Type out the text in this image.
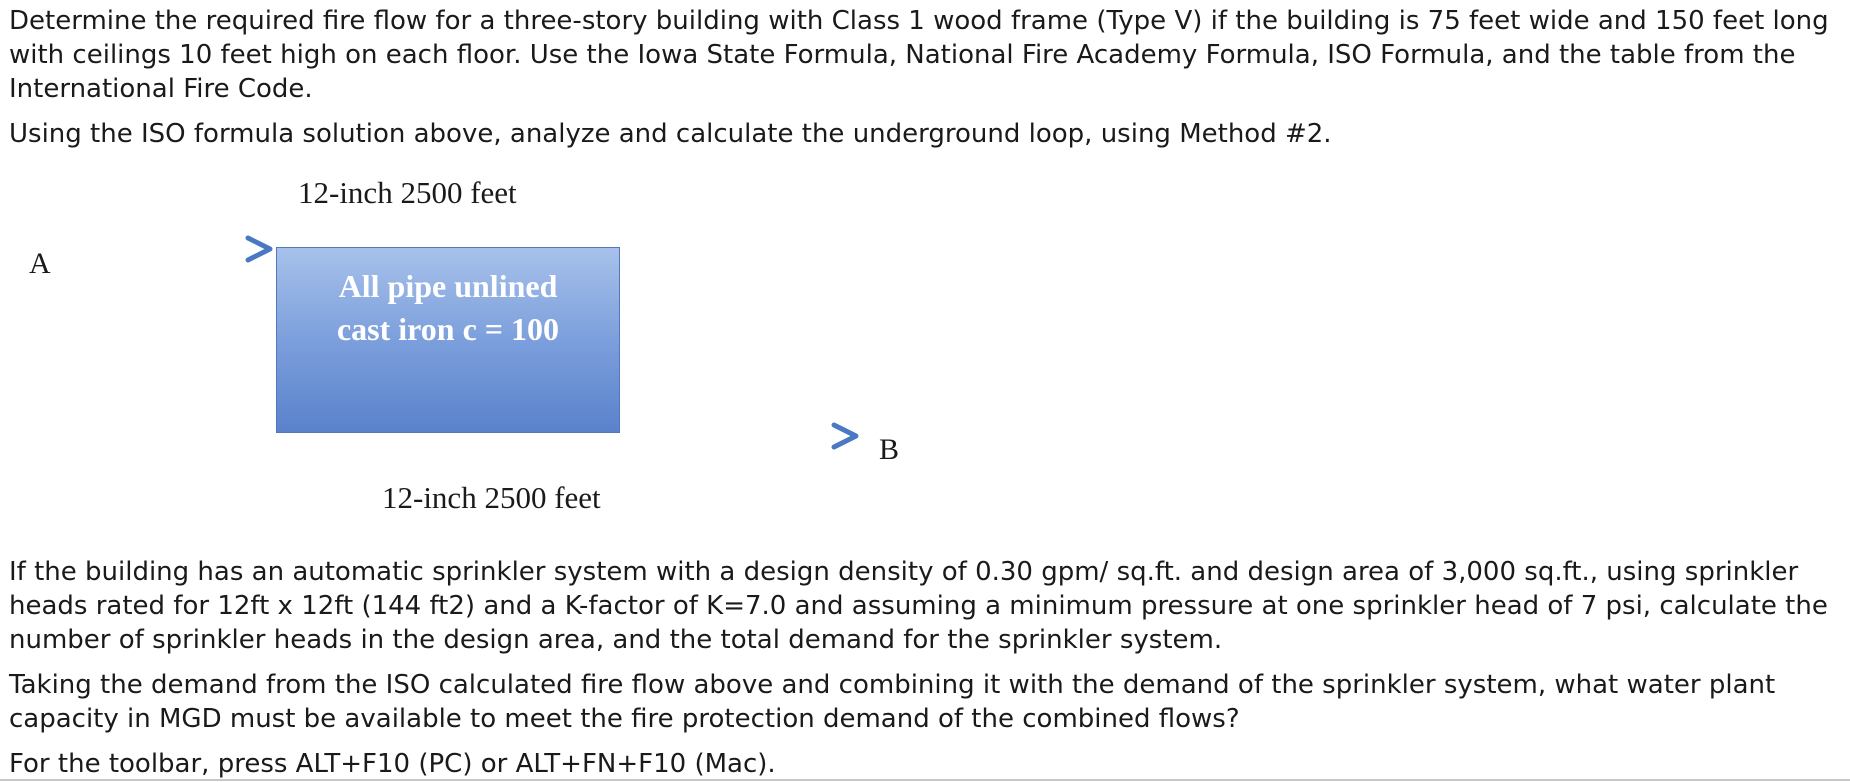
Determine the required fire flow for a three-story building with Class 1 wood frame (Type V) if the building is 75 feet wide and 150 feet long with ceilings 10 feet high on each floor. Use the Iowa State Formula, National Fire Academy Formula, ISO Formula, and the table from the International Fire Code.

Using the ISO formula solution above, analyze and calculate the underground loop, using Method #2.

12-inch 2500 feet
A
All pipe unlined
cast iron c = 100
B
12-inch 2500 feet

If the building has an automatic sprinkler system with a design density of 0.30 gpm/ sq.ft. and design area of 3,000 sq.ft., using sprinkler heads rated for 12ft x 12ft (144 ft2) and a K-factor of K=7.0 and assuming a minimum pressure at one sprinkler head of 7 psi, calculate the number of sprinkler heads in the design area, and the total demand for the sprinkler system.

Taking the demand from the ISO calculated fire flow above and combining it with the demand of the sprinkler system, what water plant capacity in MGD must be available to meet the fire protection demand of the combined flows?

For the toolbar, press ALT+F10 (PC) or ALT+FN+F10 (Mac).
